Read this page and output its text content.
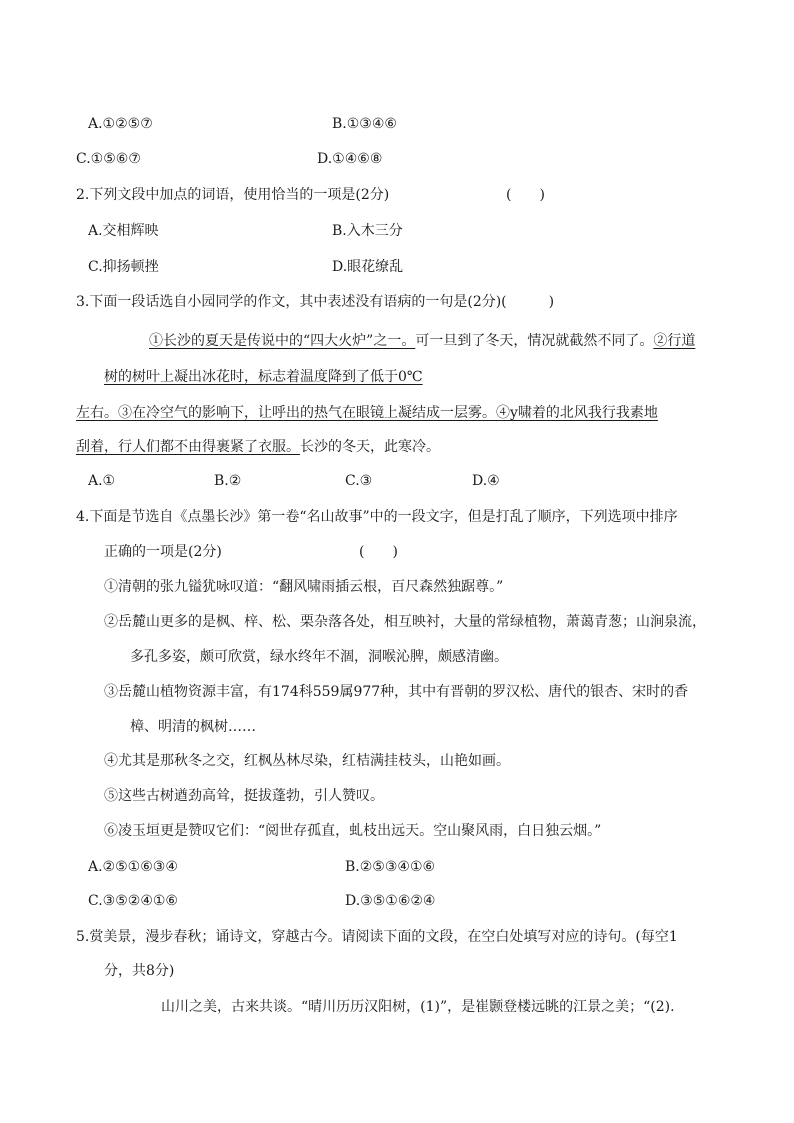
A.①②⑤⑦	B.①③④⑥
C.①⑤⑥⑦	D.①④⑥⑧
2.下列文段中加点的词语，使用恰当的一项是(2分)	(　　)
A.交相辉映	B.入木三分
C.抑扬顿挫	D.眼花缭乱
3.下面一段话选自小园同学的作文，其中表述没有语病的一句是(2分)(　　　)
①长沙的夏天是传说中的“四大火炉”之一。可一旦到了冬天，情况就截然不同了。②行道
树的树叶上凝出冰花时，标志着温度降到了低于0℃
左右。③在冷空气的影响下，让呼出的热气在眼镜上凝结成一层雾。④y啸着的北风我行我素地
刮着，行人们都不由得裹紧了衣服。长沙的冬天，此寒冷。
A.①	B.②	C.③	D.④
4.下面是节选自《点墨长沙》第一卷“名山故事”中的一段文字，但是打乱了顺序，下列选项中排序
正确的一项是(2分)	(　　)
①清朝的张九镒犹咏叹道：“翻风啸雨插云根，百尺森然独踞尊。”
②岳麓山更多的是枫、梓、松、栗杂落各处，相互映衬，大量的常绿植物，萧蔼青葱；山涧泉流，
多孔多姿，颇可欣赏，绿水终年不涸，洞喉沁脾，颇感清幽。
③岳麓山植物资源丰富，有174科559属977种，其中有晋朝的罗汉松、唐代的银杏、宋时的香
樟、明清的枫树……
④尤其是那秋冬之交，红枫丛林尽染，红桔满挂枝头，山艳如画。
⑤这些古树遒劲高耸，挺拔蓬勃，引人赞叹。
⑥凌玉垣更是赞叹它们：“阅世存孤直，虬枝出远天。空山聚风雨，白日独云烟。”
A.②⑤①⑥③④	B.②⑤③④①⑥
C.③⑤②④①⑥	D.③⑤①⑥②④
5.赏美景，漫步春秋；诵诗文，穿越古今。请阅读下面的文段，在空白处填写对应的诗句。(每空1
分，共8分)
山川之美，古来共谈。“晴川历历汉阳树，(1)”，是崔颢登楼远眺的江景之美；“(2).
